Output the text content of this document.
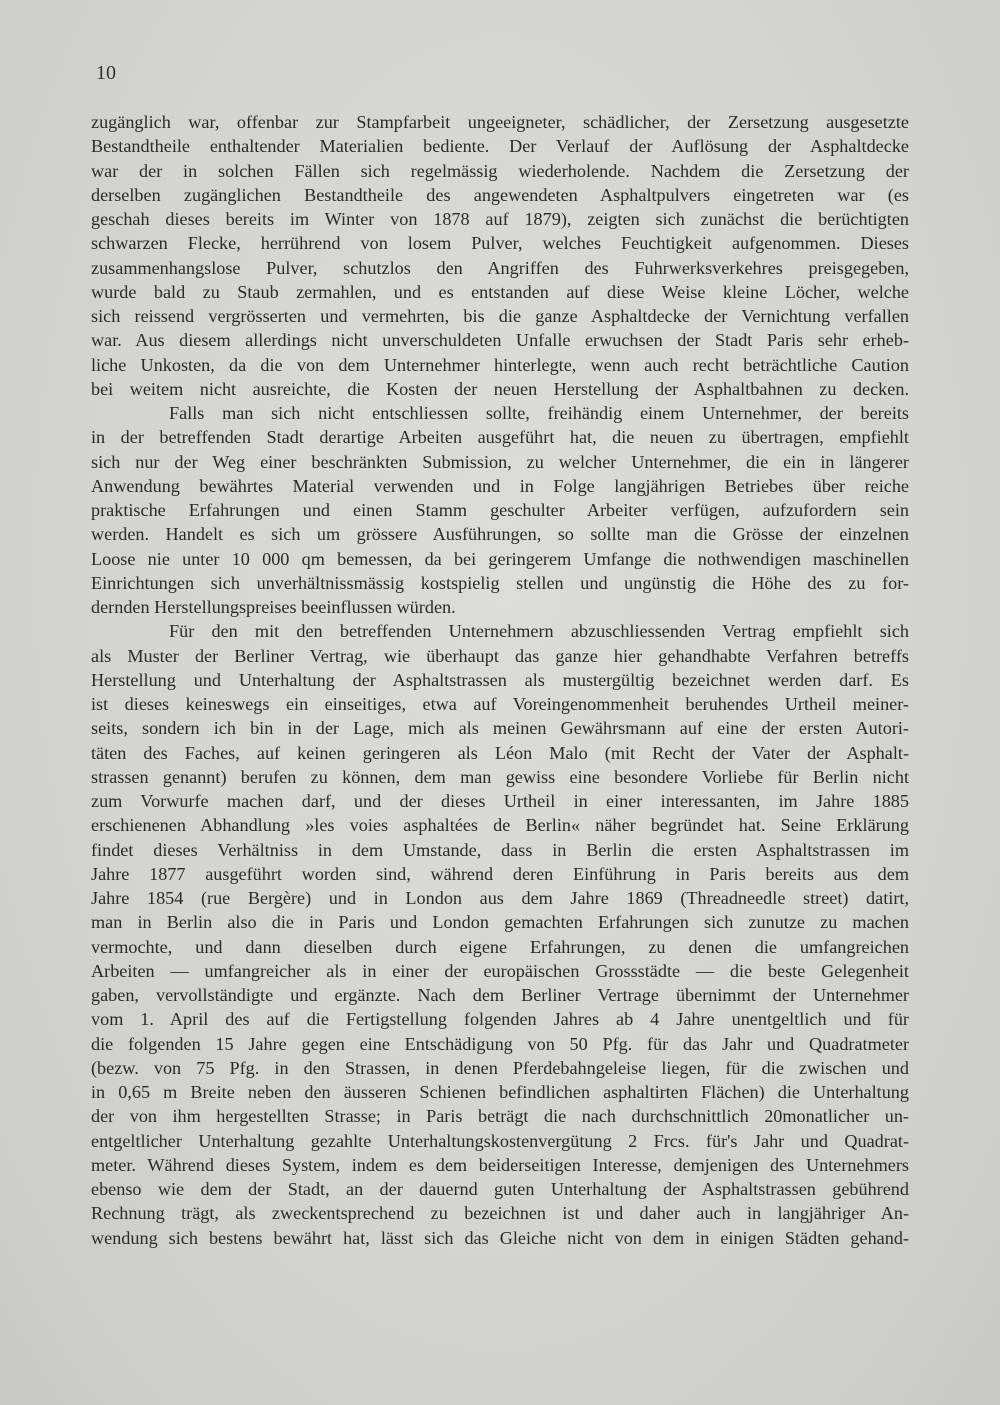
10
zugänglich war, offenbar zur Stampfarbeit ungeeigneter, schädlicher, der Zersetzung ausgesetzte
Bestandtheile enthaltender Materialien bediente. Der Verlauf der Auflösung der Asphaltdecke
war der in solchen Fällen sich regelmässig wiederholende. Nachdem die Zersetzung der
derselben zugänglichen Bestandtheile des angewendeten Asphaltpulvers eingetreten war (es
geschah dieses bereits im Winter von 1878 auf 1879), zeigten sich zunächst die berüchtigten
schwarzen Flecke, herrührend von losem Pulver, welches Feuchtigkeit aufgenommen. Dieses
zusammenhangslose Pulver, schutzlos den Angriffen des Fuhrwerksverkehres preisgegeben,
wurde bald zu Staub zermahlen, und es entstanden auf diese Weise kleine Löcher, welche
sich reissend vergrösserten und vermehrten, bis die ganze Asphaltdecke der Vernichtung verfallen
war. Aus diesem allerdings nicht unverschuldeten Unfalle erwuchsen der Stadt Paris sehr erheb-
liche Unkosten, da die von dem Unternehmer hinterlegte, wenn auch recht beträchtliche Caution
bei weitem nicht ausreichte, die Kosten der neuen Herstellung der Asphaltbahnen zu decken.
Falls man sich nicht entschliessen sollte, freihändig einem Unternehmer, der bereits
in der betreffenden Stadt derartige Arbeiten ausgeführt hat, die neuen zu übertragen, empfiehlt
sich nur der Weg einer beschränkten Submission, zu welcher Unternehmer, die ein in längerer
Anwendung bewährtes Material verwenden und in Folge langjährigen Betriebes über reiche
praktische Erfahrungen und einen Stamm geschulter Arbeiter verfügen, aufzufordern sein
werden. Handelt es sich um grössere Ausführungen, so sollte man die Grösse der einzelnen
Loose nie unter 10 000 qm bemessen, da bei geringerem Umfange die nothwendigen maschinellen
Einrichtungen sich unverhältnissmässig kostspielig stellen und ungünstig die Höhe des zu for-
dernden Herstellungspreises beeinflussen würden.
Für den mit den betreffenden Unternehmern abzuschliessenden Vertrag empfiehlt sich
als Muster der Berliner Vertrag, wie überhaupt das ganze hier gehandhabte Verfahren betreffs
Herstellung und Unterhaltung der Asphaltstrassen als mustergültig bezeichnet werden darf. Es
ist dieses keineswegs ein einseitiges, etwa auf Voreingenommenheit beruhendes Urtheil meiner-
seits, sondern ich bin in der Lage, mich als meinen Gewährsmann auf eine der ersten Autori-
täten des Faches, auf keinen geringeren als Léon Malo (mit Recht der Vater der Asphalt-
strassen genannt) berufen zu können, dem man gewiss eine besondere Vorliebe für Berlin nicht
zum Vorwurfe machen darf, und der dieses Urtheil in einer interessanten, im Jahre 1885
erschienenen Abhandlung »les voies asphaltées de Berlin« näher begründet hat. Seine Erklärung
findet dieses Verhältniss in dem Umstande, dass in Berlin die ersten Asphaltstrassen im
Jahre 1877 ausgeführt worden sind, während deren Einführung in Paris bereits aus dem
Jahre 1854 (rue Bergère) und in London aus dem Jahre 1869 (Threadneedle street) datirt,
man in Berlin also die in Paris und London gemachten Erfahrungen sich zunutze zu machen
vermochte, und dann dieselben durch eigene Erfahrungen, zu denen die umfangreichen
Arbeiten — umfangreicher als in einer der europäischen Grossstädte — die beste Gelegenheit
gaben, vervollständigte und ergänzte. Nach dem Berliner Vertrage übernimmt der Unternehmer
vom 1. April des auf die Fertigstellung folgenden Jahres ab 4 Jahre unentgeltlich und für
die folgenden 15 Jahre gegen eine Entschädigung von 50 Pfg. für das Jahr und Quadratmeter
(bezw. von 75 Pfg. in den Strassen, in denen Pferdebahngeleise liegen, für die zwischen und
in 0,65 m Breite neben den äusseren Schienen befindlichen asphaltirten Flächen) die Unterhaltung
der von ihm hergestellten Strasse; in Paris beträgt die nach durchschnittlich 20monatlicher un-
entgeltlicher Unterhaltung gezahlte Unterhaltungskostenvergütung 2 Frcs. für's Jahr und Quadrat-
meter. Während dieses System, indem es dem beiderseitigen Interesse, demjenigen des Unternehmers
ebenso wie dem der Stadt, an der dauernd guten Unterhaltung der Asphaltstrassen gebührend
Rechnung trägt, als zweckentsprechend zu bezeichnen ist und daher auch in langjähriger An-
wendung sich bestens bewährt hat, lässt sich das Gleiche nicht von dem in einigen Städten gehand-
